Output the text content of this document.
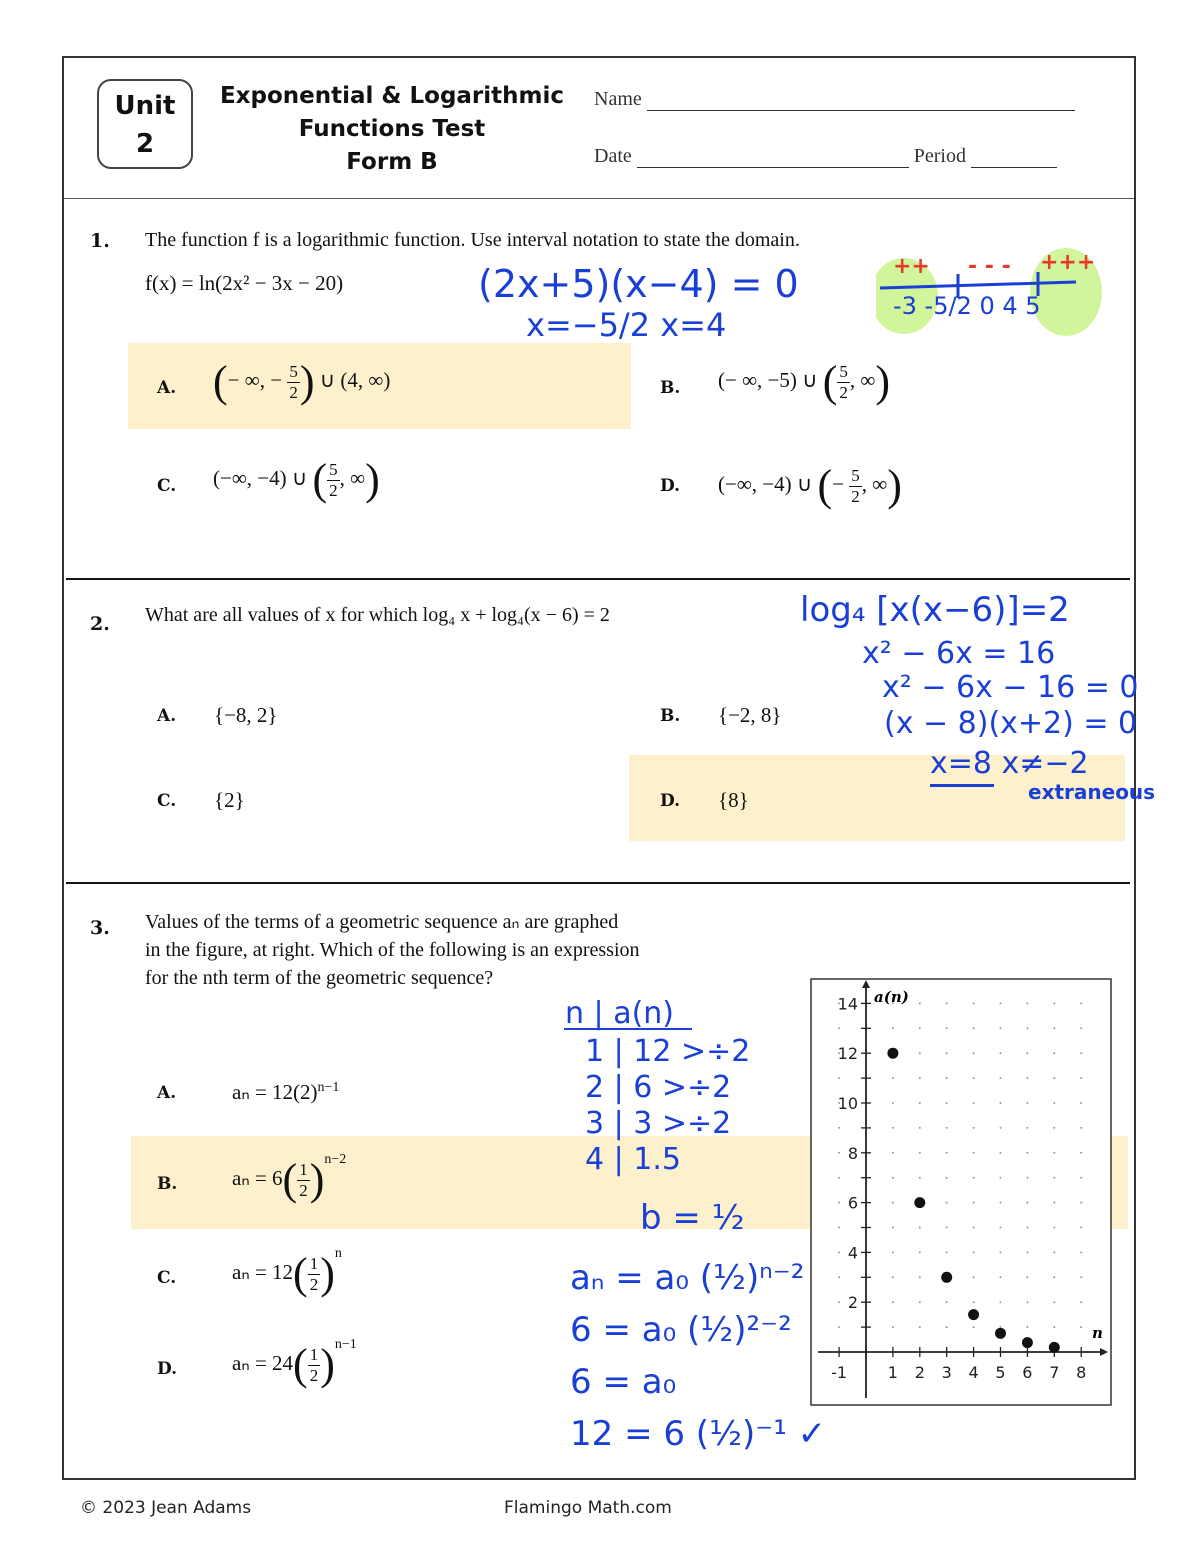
Unit
2
Exponential & Logarithmic
Functions Test
Form B
Name
Date	Period
1. The function f is a logarithmic function. Use interval notation to state the domain.
f(x) = ln(2x² − 3x − 20)
A. (− ∞, − $\frac{5}{2}$ ) ∪ (4, ∞)	B. (− ∞, −5) ∪ ( $\frac{5}{2}$ , ∞)
C. (−∞, −4) ∪ ( $\frac{5}{2}$ , ∞)	D. (−∞, −4) ∪ (− $\frac{5}{2}$ , ∞)
(2x+5)(x−4) = 0
x=−5/2 x=4
++ - - - +++
-3 -5/2 0 4 5
2. What are all values of x for which log₄ x + log₄(x − 6) = 2
A. {−8, 2}	B. {−2, 8}
C. {2}	D. {8}
log₄ [x(x−6)]=2
x² − 6x = 16
x² − 6x − 16 = 0
(x − 8)(x+2) = 0
x=8 x≠−2
extraneous
3. Values of the terms of a geometric sequence aₙ are graphed
in the figure, at right. Which of the following is an expression
for the nth term of the geometric sequence?
A.	$a_n = 12(2)^{n-1}$
B.	$a_n = 6( \frac{1}{2} )^{n-2}$
C.	$a_n = 12( \frac{1}{2} )^n$
D.	$a_n = 24( \frac{1}{2} )^{n-1}$
n | a(n)
1 | 12 >÷2
2 | 6 >÷2
3 | 3 >÷2
4 | 1.5
b = ½
aₙ = a₀ (½)ⁿ⁻²
6 = a₀ (½)²⁻²
6 = a₀
12 = 6 (½)⁻¹ ✓
-1	1 2 3 4 5 6 7 8
2
4
6
8
10
12
14 a(n)
n
© 2023 Jean Adams	Flamingo Math.com
